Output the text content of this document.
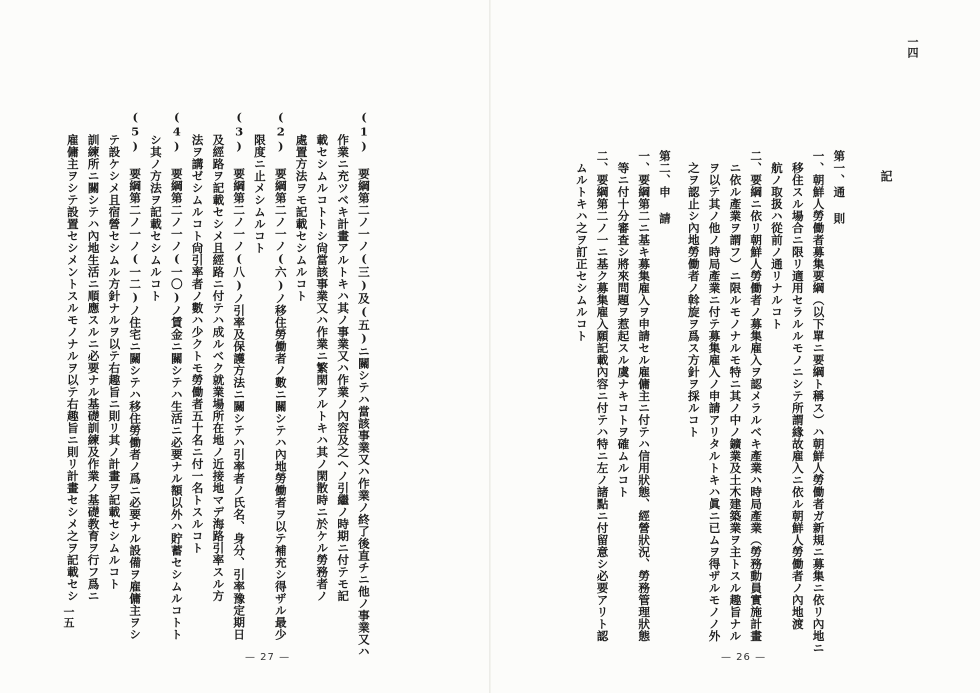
一四
記
第一、通 則
一、朝鮮人勞働者募集要綱（以下單ニ要綱ト稱ス）ハ朝鮮人勞働者ガ新規ニ募集ニ依リ內地ニ
移住スル場合ニ限リ適用セラルルモノニシテ所謂緣故雇入ニ依ル朝鮮人勞働者ノ內地渡
航ノ取扱ハ從前ノ通リナルコト
二、要綱ニ依リ朝鮮人勞働者ノ募集雇入ヲ認メラルベキ產業ハ時局產業（勞務動員實施計畫
ニ依ル產業ヲ謂フ）ニ限ルモノナルモ特ニ其ノ中ノ鑛業及土木建築業ヲ主トスル趣旨ナル
ヲ以テ其ノ他ノ時局產業ニ付テ募集雇入ノ申請アリタルトキハ眞ニ已ムヲ得ザルモノノ外
之ヲ認止シ內地勞働者ノ斡旋ヲ爲ス方針ヲ採ルコト
第二、申 請
一、要綱第二ニ基キ募集雇入ヲ申請セル雇傭主ニ付テハ信用狀態、經營狀況、勞務管理狀態
等ニ付十分審査シ將來問題ヲ惹起スル虞ナキコトヲ確ムルコト
二、要綱第二ノ一ニ基ク募集雇入願記載內容ニ付テハ特ニ左ノ諸點ニ付留意シ必要アリト認
ムルトキハ之ヲ訂正セシムルコト
— 26 —
(1) 要綱第二ノ一ノ(三)及(五)ニ關シテハ當該事業又ハ作業ノ終了後直チニ他ノ事業又ハ
作業ニ充ツベキ計畫アルトキハ其ノ事業又ハ作業ノ內容及之ヘノ引繼ノ時期ニ付テモ記
載セシムルコトトシ尙當該事業又ハ作業ニ繁閑アルトキハ其ノ閑散時ニ於ケル勞務者ノ
處置方法ヲモ記載セシムルコト
(2) 要綱第二ノ一ノ(六)ノ移住勞働者ノ數ニ關シテハ內地勞働者ヲ以テ補充シ得ザル最少
限度ニ止メシムルコト
(3) 要綱第二ノ一ノ(八)ノ引率及保護方法ニ關シテハ引率者ノ氏名、身分、引率豫定期日
及經路ヲ記載セシメ且經路ニ付テハ成ルベク就業場所在地ノ近接地マデ海路引率スル方
法ヲ講ゼシムルコト尙引率者ノ數ハ少クトモ勞働者五十名ニ付一名トスルコト
(4) 要綱第二ノ一ノ(一〇)ノ賃金ニ關シテハ生活ニ必要ナル額以外ハ貯蓄セシムルコトト
シ其ノ方法ヲ記載セシムルコト
(5) 要綱第二ノ一ノ(一二)ノ住宅ニ關シテハ移住勞働者ノ爲ニ必要ナル設備ヲ雇傭主ヲシ
テ設ケシメ且宿營セシムル方針ナルヲ以テ右趣旨ニ則リ其ノ計畫ヲ記載セシムルコト
訓練所ニ關シテハ內地生活ニ順應スルニ必要ナル基礎訓練及作業ノ基礎教育ヲ行フ爲ニ
雇傭主ヲシテ設置セシメントスルモノナルヲ以テ右趣旨ニ則リ計畫セシメ之ヲ記載セシ
一五
— 27 —
